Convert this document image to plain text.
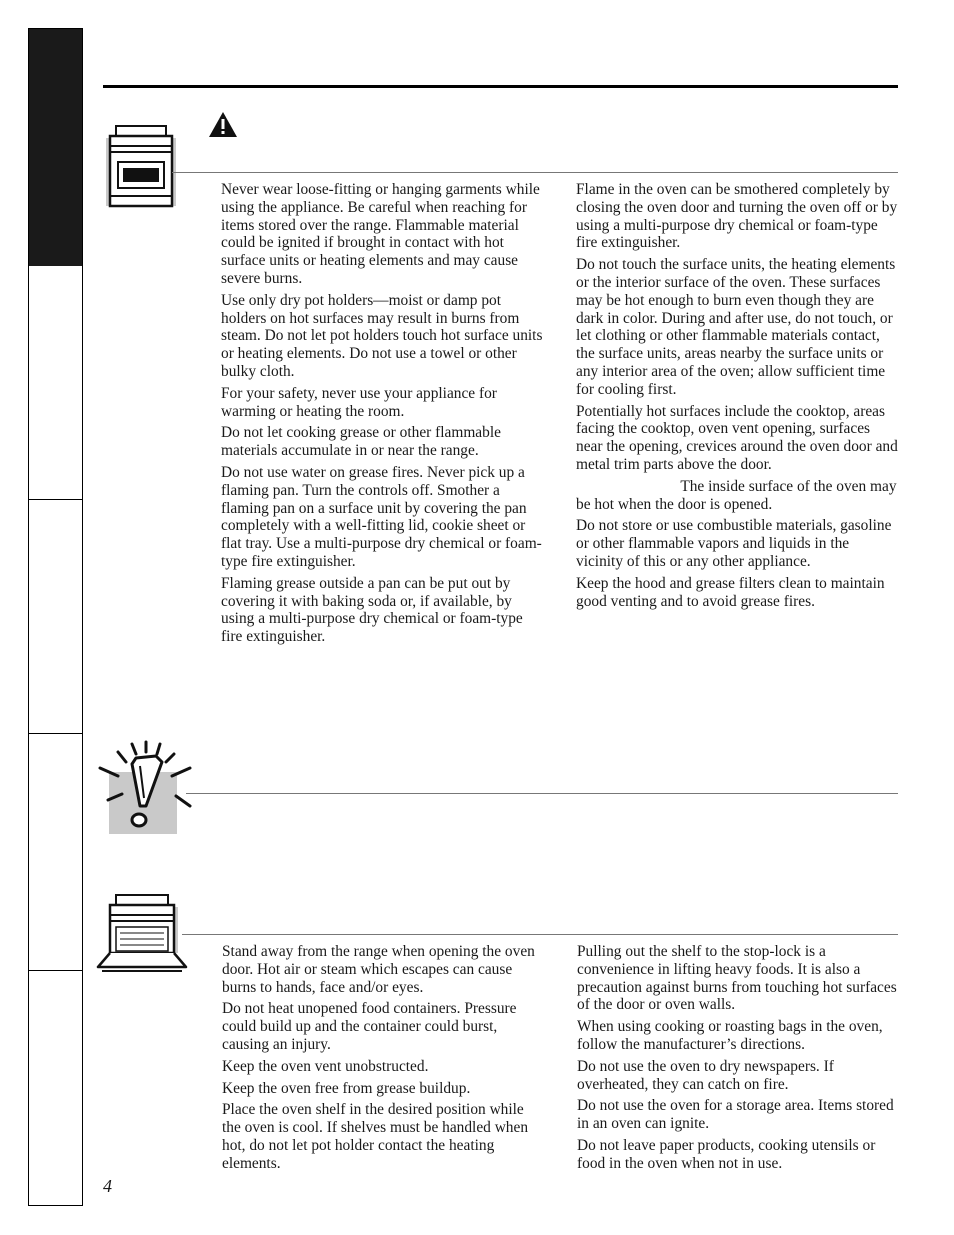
Never wear loose-fitting or hanging garments while using the appliance. Be careful when reaching for items stored over the range. Flammable material could be ignited if brought in contact with hot surface units or heating elements and may cause severe burns.

Use only dry pot holders—moist or damp pot holders on hot surfaces may result in burns from steam. Do not let pot holders touch hot surface units or heating elements. Do not use a towel or other bulky cloth.

For your safety, never use your appliance for warming or heating the room.

Do not let cooking grease or other flammable materials accumulate in or near the range.

Do not use water on grease fires. Never pick up a flaming pan. Turn the controls off. Smother a flaming pan on a surface unit by covering the pan completely with a well-fitting lid, cookie sheet or flat tray. Use a multi-purpose dry chemical or foam-type fire extinguisher.

Flaming grease outside a pan can be put out by covering it with baking soda or, if available, by using a multi-purpose dry chemical or foam-type fire extinguisher.

Flame in the oven can be smothered completely by closing the oven door and turning the oven off or by using a multi-purpose dry chemical or foam-type fire extinguisher.

Do not touch the surface units, the heating elements or the interior surface of the oven. These surfaces may be hot enough to burn even though they are dark in color. During and after use, do not touch, or let clothing or other flammable materials contact, the surface units, areas nearby the surface units or any interior area of the oven; allow sufficient time for cooling first.

Potentially hot surfaces include the cooktop, areas facing the cooktop, oven vent opening, surfaces near the opening, crevices around the oven door and metal trim parts above the door.

The inside surface of the oven may be hot when the door is opened.

Do not store or use combustible materials, gasoline or other flammable vapors and liquids in the vicinity of this or any other appliance.

Keep the hood and grease filters clean to maintain good venting and to avoid grease fires.

Stand away from the range when opening the oven door. Hot air or steam which escapes can cause burns to hands, face and/or eyes.

Do not heat unopened food containers. Pressure could build up and the container could burst, causing an injury.

Keep the oven vent unobstructed.

Keep the oven free from grease buildup.

Place the oven shelf in the desired position while the oven is cool. If shelves must be handled when hot, do not let pot holder contact the heating elements.

Pulling out the shelf to the stop-lock is a convenience in lifting heavy foods. It is also a precaution against burns from touching hot surfaces of the door or oven walls.

When using cooking or roasting bags in the oven, follow the manufacturer’s directions.

Do not use the oven to dry newspapers. If overheated, they can catch on fire.

Do not use the oven for a storage area. Items stored in an oven can ignite.

Do not leave paper products, cooking utensils or food in the oven when not in use.

4
